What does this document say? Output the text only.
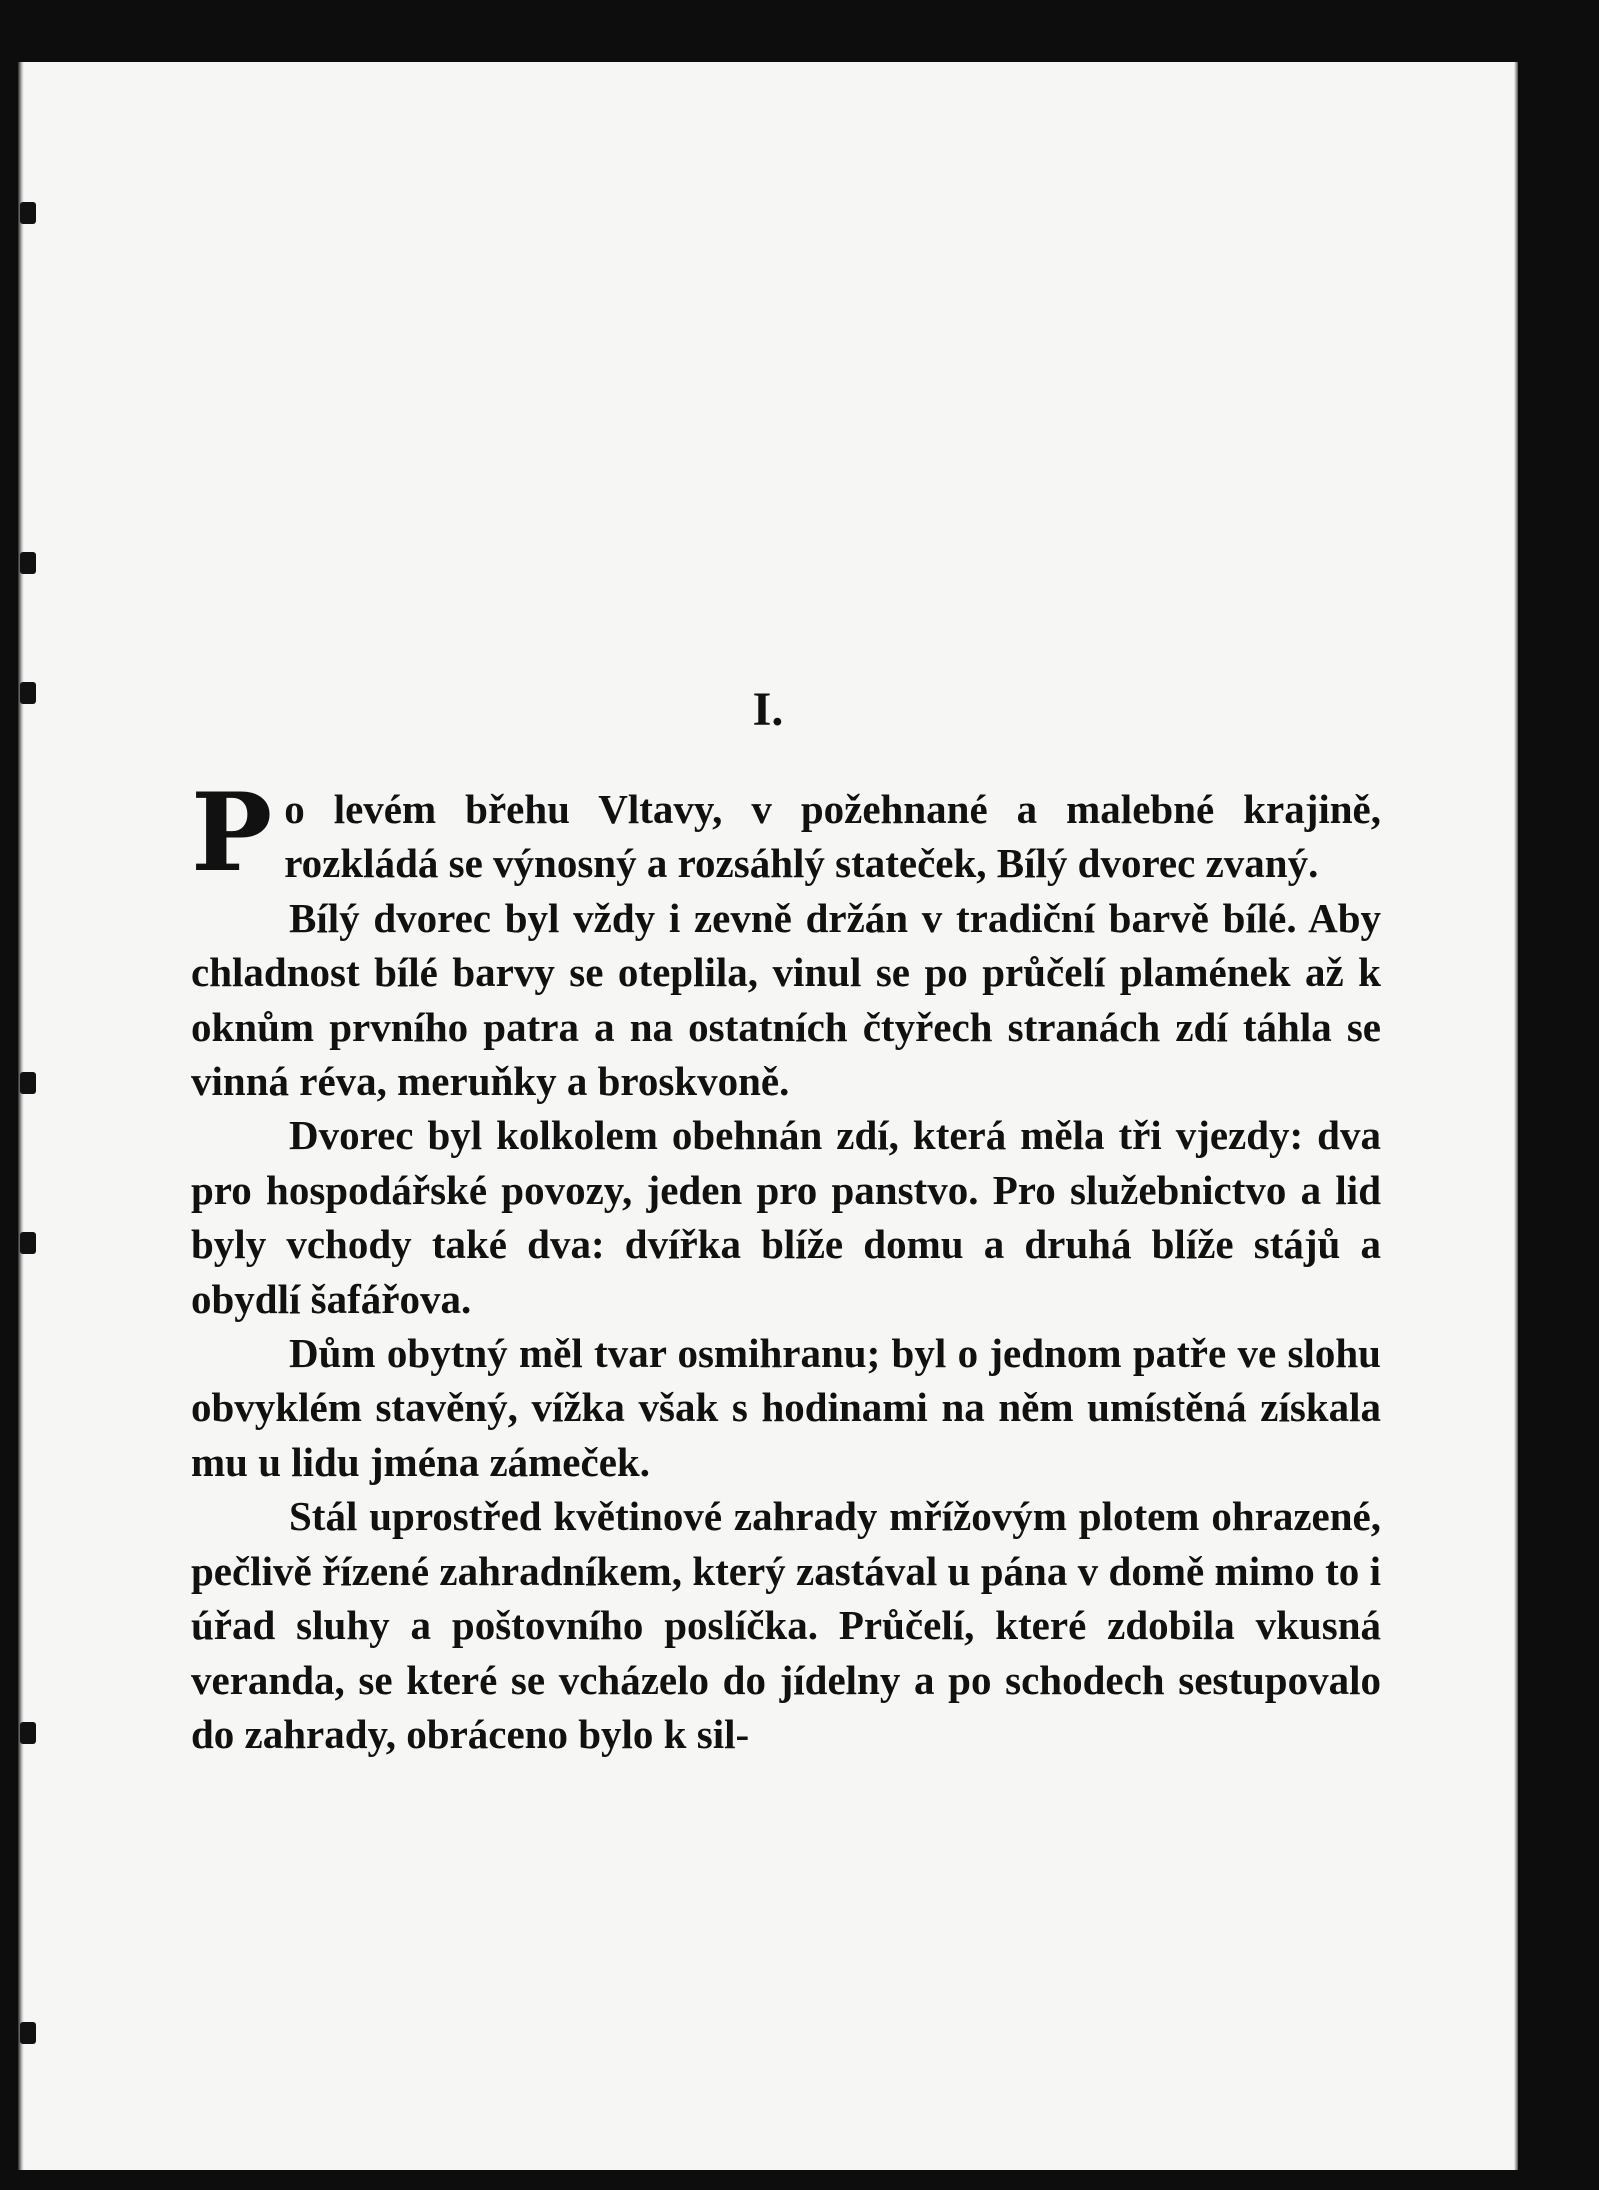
I.

Po levém břehu Vltavy, v požehnané a malebné krajině, rozkládá se výnosný a rozsáhlý stateček, Bílý dvorec zvaný.

Bílý dvorec byl vždy i zevně držán v tradiční barvě bílé. Aby chladnost bílé barvy se oteplila, vinul se po průčelí plamének až k oknům prvního patra a na ostatních čtyřech stranách zdí táhla se vinná réva, meruňky a broskvoně.

Dvorec byl kolkolem obehnán zdí, která měla tři vjezdy: dva pro hospodářské povozy, jeden pro panstvo. Pro služebnictvo a lid byly vchody také dva: dvířka blíže domu a druhá blíže stájů a obydlí šafářova.

Dům obytný měl tvar osmihranu; byl o jednom patře ve slohu obvyklém stavěný, vížka však s hodinami na něm umístěná získala mu u lidu jména zámeček.

Stál uprostřed květinové zahrady mřížovým plotem ohrazené, pečlivě řízené zahradníkem, který zastával u pána v domě mimo to i úřad sluhy a poštovního poslíčka. Průčelí, které zdobila vkusná veranda, se které se vcházelo do jídelny a po schodech sestupovalo do zahrady, obráceno bylo k sil-
